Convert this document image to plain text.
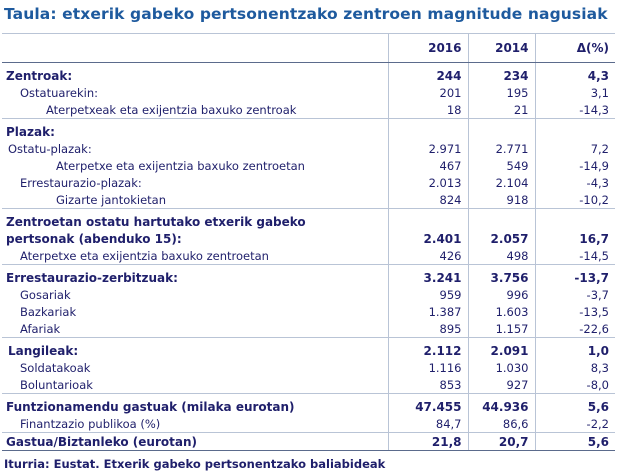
Taula: etxerik gabeko pertsonentzako zentroen magnitude nagusiak
	2016	2014	Δ(%)
Zentroak:	244	234	4,3
Ostatuarekin:	201	195	3,1
Aterpetxeak eta exijentzia baxuko zentroak	18	21	-14,3
Plazak:			
Ostatu-plazak:	2.971	2.771	7,2
Aterpetxe eta exijentzia baxuko zentroetan	467	549	-14,9
Errestaurazio-plazak:	2.013	2.104	-4,3
Gizarte jantokietan	824	918	-10,2
Zentroetan ostatu hartutako etxerik gabeko			
pertsonak (abenduko 15):	2.401	2.057	16,7
Aterpetxe eta exijentzia baxuko zentroetan	426	498	-14,5
Errestaurazio-zerbitzuak:	3.241	3.756	-13,7
Gosariak	959	996	-3,7
Bazkariak	1.387	1.603	-13,5
Afariak	895	1.157	-22,6
Langileak:	2.112	2.091	1,0
Soldatakoak	1.116	1.030	8,3
Boluntarioak	853	927	-8,0
Funtzionamendu gastuak (milaka eurotan)	47.455	44.936	5,6
Finantzazio publikoa (%)	84,7	86,6	-2,2
Gastua/Biztanleko (eurotan)	21,8	20,7	5,6
Iturria: Eustat. Etxerik gabeko pertsonentzako baliabideak
